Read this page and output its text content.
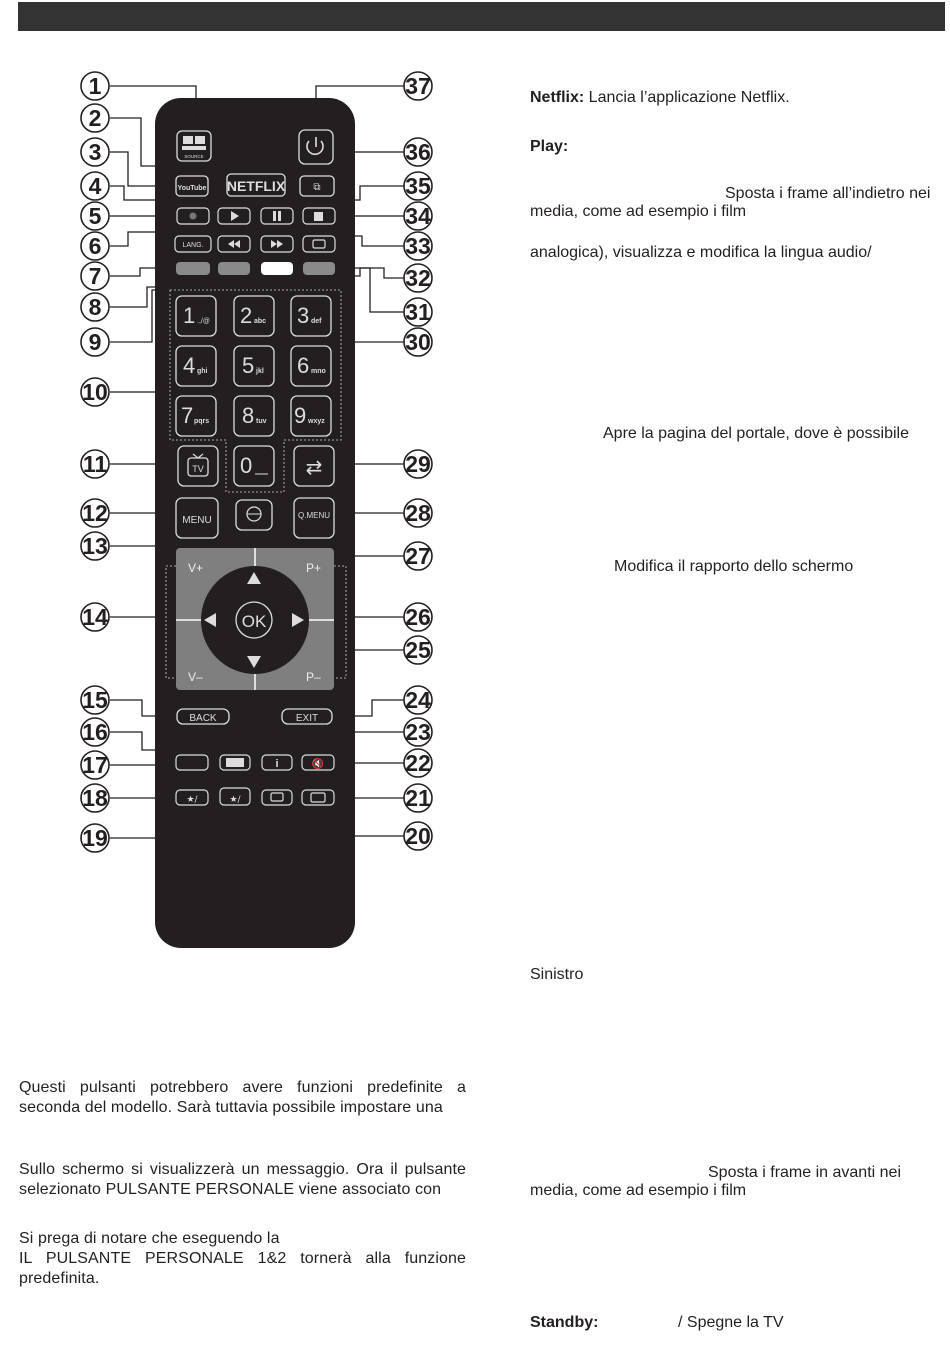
SOURCE
YouTube NETFLIX	⧉
LANG.
1 .,/@ 2 abc 3 def
4 ghi 5 jkl 6 mno
7 pqrs 8 tuv 9 wxyz
0
TV	⇄
MENU	Q.MENU
OK
V+
V–
P+
P–
BACK	EXIT
i	🔇
★/	★/
1
2
3
4
5
6
7
8
9
10
11
12
13
14
15
16
17
18
19	20
21
22
23
24
25
26
27
28
29
30
31
32
33
34
35
36
37	Netflix: Lancia l’applicazione Netflix.
Play:
Sposta i frame all’indietro nei
media, come ad esempio i film
analogica), visualizza e modifica la lingua audio/
Apre la pagina del portale, dove è possibile
Modifica il rapporto dello schermo
Sinistro
Sposta i frame in avanti nei
media, come ad esempio i film
Standby:	/ Spegne la TV
Questi pulsanti potrebbero avere funzioni predefinite a seconda del modello. Sarà tuttavia possibile impostare una
Sullo schermo si visualizzerà un messaggio. Ora il pulsante selezionato PULSANTE PERSONALE viene associato con
Si prega di notare che eseguendo la
IL PULSANTE PERSONALE 1&2 tornerà alla funzione predefinita.
